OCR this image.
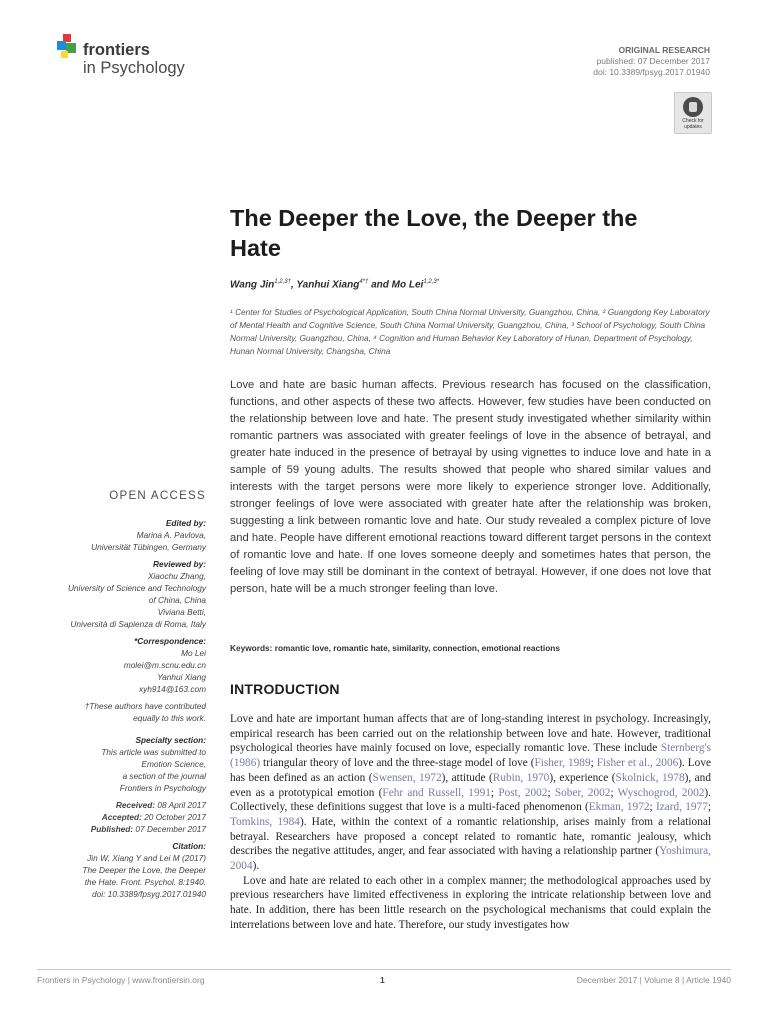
frontiers
in Psychology
ORIGINAL RESEARCH
published: 07 December 2017
doi: 10.3389/fpsyg.2017.01940
Check for updates
The Deeper the Love, the Deeper the Hate
Wang Jin$^{1,2,3\dagger}$, Yanhui Xiang$^{4*\dagger}$ and Mo Lei$^{1,2,3*}$
¹ Center for Studies of Psychological Application, South China Normal University, Guangzhou, China, ² Guangdong Key Laboratory of Mental Health and Cognitive Science, South China Normal University, Guangzhou, China, ³ School of Psychology, South China Normal University, Guangzhou, China, ⁴ Cognition and Human Behavior Key Laboratory of Hunan, Department of Psychology, Hunan Normal University, Changsha, China
Love and hate are basic human affects. Previous research has focused on the classification, functions, and other aspects of these two affects. However, few studies have been conducted on the relationship between love and hate. The present study investigated whether similarity within romantic partners was associated with greater feelings of love in the absence of betrayal, and greater hate induced in the presence of betrayal by using vignettes to induce love and hate in a sample of 59 young adults. The results showed that people who shared similar values and interests with the target persons were more likely to experience stronger love. Additionally, stronger feelings of love were associated with greater hate after the relationship was broken, suggesting a link between romantic love and hate. Our study revealed a complex picture of love and hate. People have different emotional reactions toward different target persons in the context of romantic love and hate. If one loves someone deeply and sometimes hates that person, the feeling of love may still be dominant in the context of betrayal. However, if one does not love that person, hate will be a much stronger feeling than love.
Keywords: romantic love, romantic hate, similarity, connection, emotional reactions
INTRODUCTION

Love and hate are important human affects that are of long-standing interest in psychology. Increasingly, empirical research has been carried out on the relationship between love and hate. However, traditional psychological theories have mainly focused on love, especially romantic love. These include Sternberg's (1986) triangular theory of love and the three-stage model of love (Fisher, 1989; Fisher et al., 2006). Love has been defined as an action (Swensen, 1972), attitude (Rubin, 1970), experience (Skolnick, 1978), and even as a prototypical emotion (Fehr and Russell, 1991; Post, 2002; Sober, 2002; Wyschogrod, 2002). Collectively, these definitions suggest that love is a multi-faced phenomenon (Ekman, 1972; Izard, 1977; Tomkins, 1984). Hate, within the context of a romantic relationship, arises mainly from a relational betrayal. Researchers have proposed a concept related to romantic hate, romantic jealousy, which describes the negative attitudes, anger, and fear associated with having a relationship partner (Yoshimura, 2004).

Love and hate are related to each other in a complex manner; the methodological approaches used by previous researchers have limited effectiveness in exploring the intricate relationship between love and hate. In addition, there has been little research on the psychological mechanisms that could explain the interrelations between love and hate. Therefore, our study investigates how

OPEN ACCESS
Edited by:
Marina A. Pavlova,
Universität Tübingen, Germany
Reviewed by:
Xiaochu Zhang,
University of Science and Technology
of China, China
Viviana Betti,
Università di Sapienza di Roma, Italy
*Correspondence:
Mo Lei
molei@m.scnu.edu.cn
Yanhui Xiang
xyh914@163.com
†These authors have contributed
equally to this work.
Specialty section:
This article was submitted to
Emotion Science,
a section of the journal
Frontiers in Psychology
Received: 08 April 2017
Accepted: 20 October 2017
Published: 07 December 2017
Citation:
Jin W, Xiang Y and Lei M (2017)
The Deeper the Love, the Deeper
the Hate. Front. Psychol. 8:1940.
doi: 10.3389/fpsyg.2017.01940
Frontiers in Psychology | www.frontiersin.org	1	December 2017 | Volume 8 | Article 1940
